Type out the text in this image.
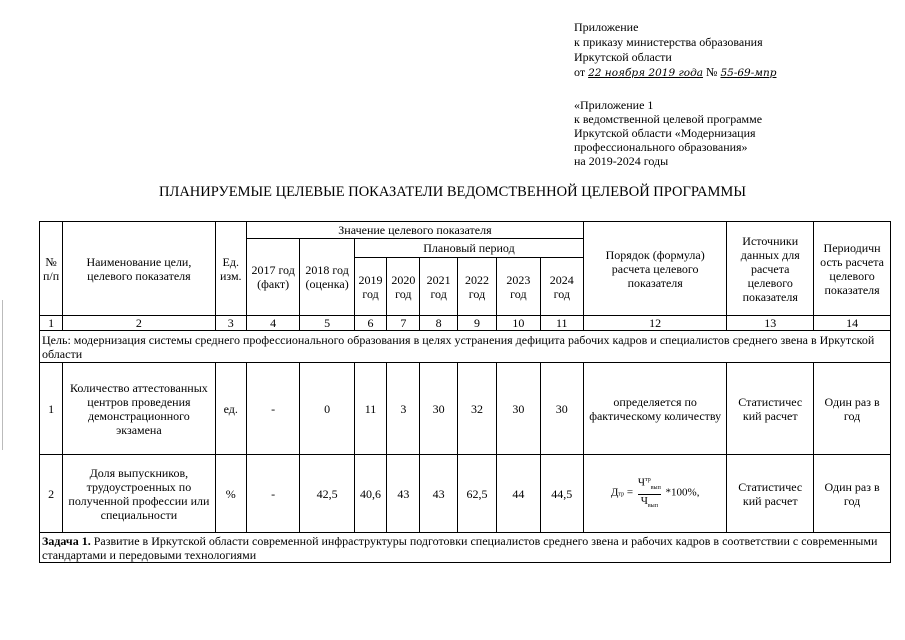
Приложение
к приказу министерства образования
Иркутской области
от 22 ноября 2019 года № 55-69-мпр
«Приложение 1
к ведомственной целевой программе
Иркутской области «Модернизация
профессионального образования»
на 2019-2024 годы
ПЛАНИРУЕМЫЕ ЦЕЛЕВЫЕ ПОКАЗАТЕЛИ ВЕДОМСТВЕННОЙ ЦЕЛЕВОЙ ПРОГРАММЫ
№ п/п	Наименование цели, целевого показателя	Ед. изм.	Значение целевого показателя								Порядок (формула) расчета целевого показателя	Источники данных для расчета целевого показателя	Периодичн ость расчета целевого показателя
			2017 год (факт)	2018 год (оценка)	Плановый период								
					2019 год	2020 год	2021 год	2022 год	2023 год	2024 год			
1	2	3	4	5	6	7	8	9	10	11	12	13	14
Цель: модернизация системы среднего профессионального образования в целях устранения дефицита рабочих кадров и специалистов среднего звена в Иркутской области													
1	Количество аттестованных центров проведения демонстрационного экзамена	ед.	-	0	11	3	30	32	30	30	определяется по фактическому количеству	Статистичес кий расчет	Один раз в год
2	Доля выпускников, трудоустроенных по полученной профессии или специальности	%	-	42,5	40,6	43	43	62,5	44	44,5	Дтр = $\frac{Ч^{тр}_{вып}}{Ч_{вып}} *100\%$,	Статистичес кий расчет	Один раз в год
Задача 1. Развитие в Иркутской области современной инфраструктуры подготовки специалистов среднего звена и рабочих кадров в соответствии с современными стандартами и передовыми технологиями													
